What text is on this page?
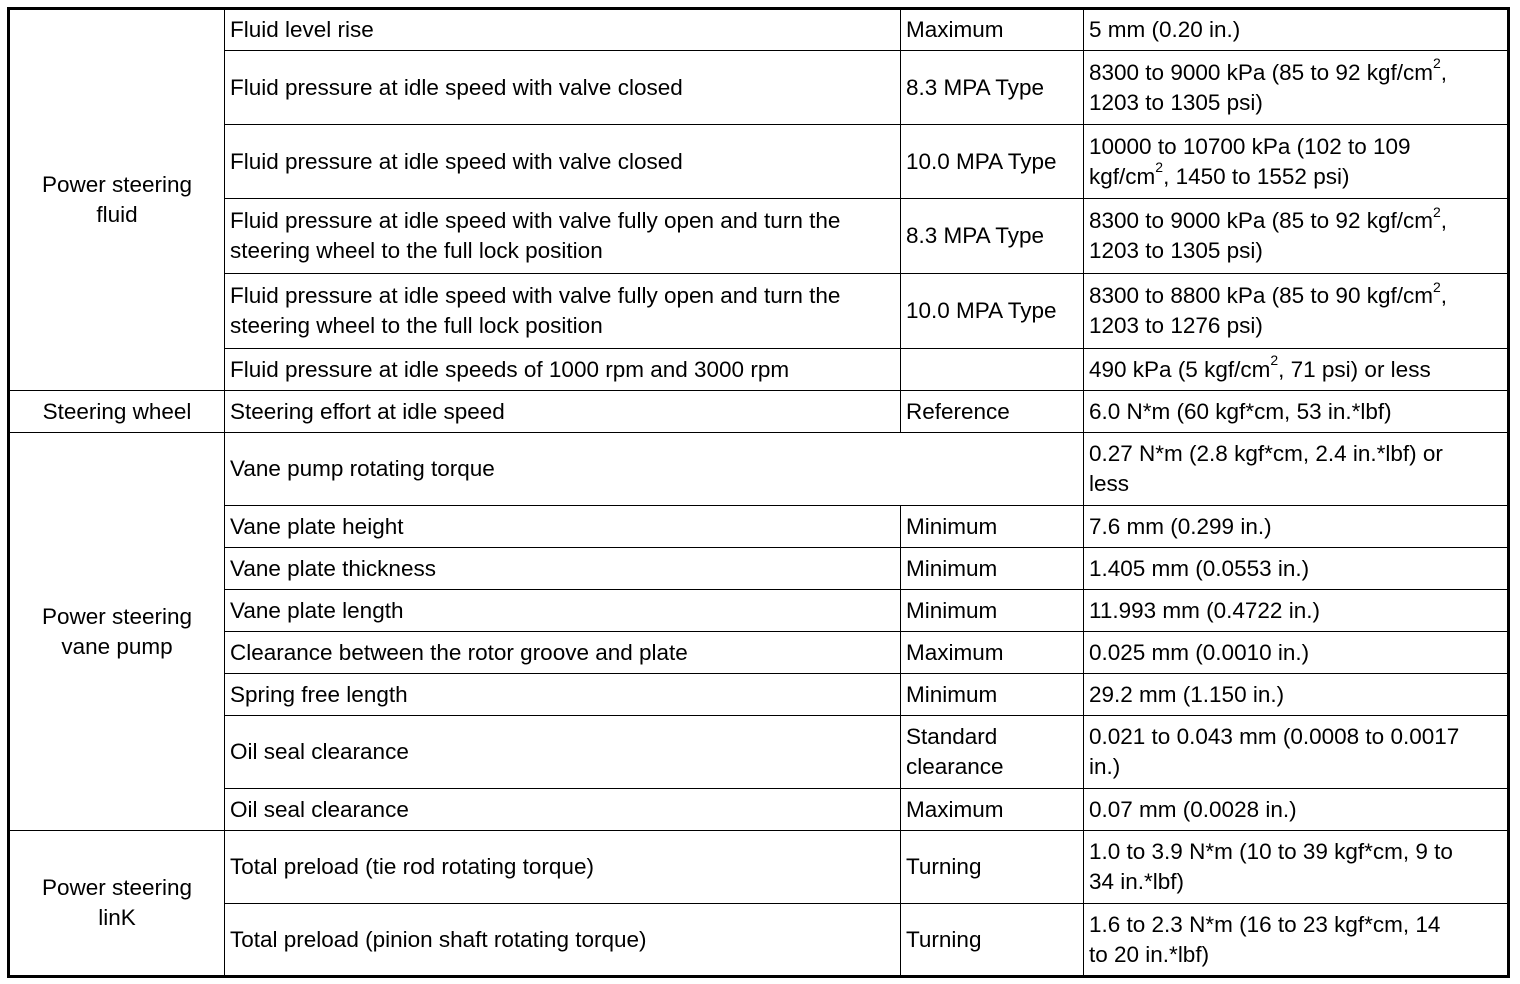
Power steering
fluid	Fluid level rise	Maximum	5 mm (0.20 in.)
	Fluid pressure at idle speed with valve closed	8.3 MPA Type	8300 to 9000 kPa (85 to 92 kgf/$cm^2$,
1203 to 1305 psi)

	Fluid pressure at idle speed with valve closed	10.0 MPA Type	10000 to 10700 kPa (102 to 109
kgf/$cm^2$, 1450 to 1552 psi)

	Fluid pressure at idle speed with valve fully open and turn the steering wheel to the full lock position	8.3 MPA Type	8300 to 9000 kPa (85 to 92 kgf/$cm^2$,
1203 to 1305 psi)

	Fluid pressure at idle speed with valve fully open and turn the steering wheel to the full lock position	10.0 MPA Type	8300 to 8800 kPa (85 to 90 kgf/$cm^2$,
1203 to 1276 psi)

	Fluid pressure at idle speeds of 1000 rpm and 3000 rpm		490 kPa (5 kgf/$cm^2$, 71 psi) or less
Steering wheel	Steering effort at idle speed	Reference	6.0 N*m (60 kgf*cm, 53 in.*lbf)

Power steering
vane pump	Vane pump rotating torque		0.27 N*m (2.8 kgf*cm, 2.4 in.*lbf) or
less

	Vane plate height	Minimum	7.6 mm (0.299 in.)
	Vane plate thickness	Minimum	1.405 mm (0.0553 in.)
	Vane plate length	Minimum	11.993 mm (0.4722 in.)
	Clearance between the rotor groove and plate	Maximum	0.025 mm (0.0010 in.)
	Spring free length	Minimum	29.2 mm (1.150 in.)
	Oil seal clearance	Standard clearance	0.021 to 0.043 mm (0.0008 to 0.0017
in.)

	Oil seal clearance	Maximum	0.07 mm (0.0028 in.)

Power steering
linK	Total preload (tie rod rotating torque)	Turning	1.0 to 3.9 N*m (10 to 39 kgf*cm, 9 to
34 in.*lbf)

	Total preload (pinion shaft rotating torque)	Turning	1.6 to 2.3 N*m (16 to 23 kgf*cm, 14
to 20 in.*lbf)
